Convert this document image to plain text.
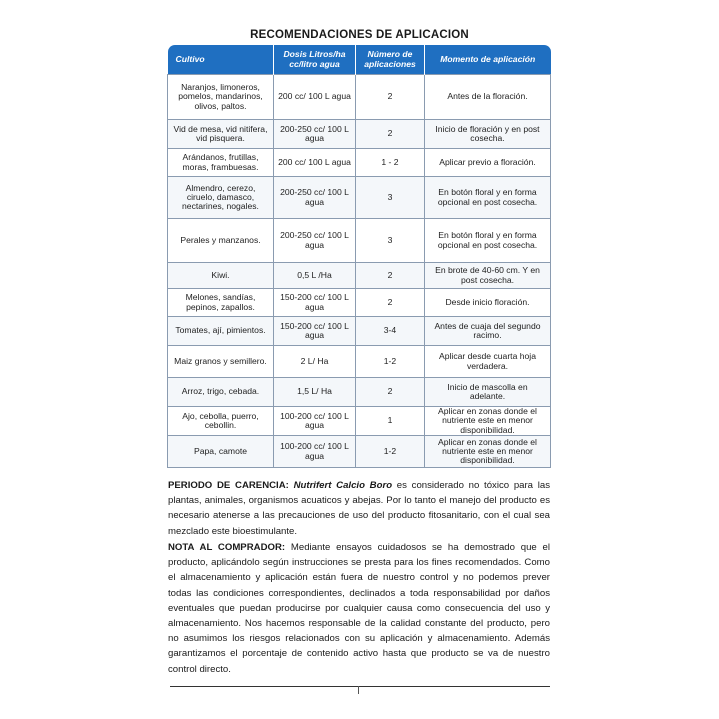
RECOMENDACIONES DE APLICACION
Cultivo	Dosis Litros/ha cc/litro agua	Número de aplicaciones	Momento de aplicación
Naranjos, limoneros, pomelos, mandarinos, olivos, paltos.	200 cc/ 100 L agua	2	Antes de la floración.
Vid de mesa, vid nitifera, vid pisquera.	200-250 cc/ 100 L agua	2	Inicio de floración y en post cosecha.
Arándanos, frutillas, moras, frambuesas.	200 cc/ 100 L agua	1 - 2	Aplicar previo a floración.
Almendro, cerezo, ciruelo, damasco, nectarines, nogales.	200-250 cc/ 100 L agua	3	En botón floral y en forma opcional en post cosecha.
Perales y manzanos.	200-250 cc/ 100 L agua	3	En botón floral y en forma opcional en post cosecha.
Kiwi.	0,5 L /Ha	2	En brote de 40-60 cm. Y en post cosecha.
Melones, sandías, pepinos, zapallos.	150-200 cc/ 100 L agua	2	Desde inicio floración.
Tomates, ají, pimientos.	150-200 cc/ 100 L agua	3-4	Antes de cuaja del segundo racimo.
Maiz granos y semillero.	2 L/ Ha	1-2	Aplicar desde cuarta hoja verdadera.
Arroz, trigo, cebada.	1,5 L/ Ha	2	Inicio de mascolla en adelante.
Ajo, cebolla, puerro, cebollin.	100-200 cc/ 100 L agua	1	Aplicar en zonas donde el nutriente este en menor disponibilidad.
Papa, camote	100-200 cc/ 100 L agua	1-2	Aplicar en zonas donde el nutriente este en menor disponibilidad.

PERIODO DE CARENCIA: Nutrifert Calcio Boro es considerado no tóxico para las plantas, animales, organismos acuaticos y abejas. Por lo tanto el manejo del producto es necesario atenerse a las precauciones de uso del producto fitosanitario, con el cual sea mezclado este bioestimulante.

NOTA AL COMPRADOR: Mediante ensayos cuidadosos se ha demostrado que el producto, aplicándolo según instrucciones se presta para los fines recomendados. Como el almacenamiento y aplicación están fuera de nuestro control y no podemos prever todas las condiciones correspondientes, declinados a toda responsabilidad por daños eventuales que puedan producirse por cualquier causa como consecuencia del uso y almacenamiento. Nos hacemos responsable de la calidad constante del producto, pero no asumimos los riesgos relacionados con su aplicación y almacenamiento. Además garantizamos el porcentaje de contenido activo hasta que producto se va de nuestro control directo.
